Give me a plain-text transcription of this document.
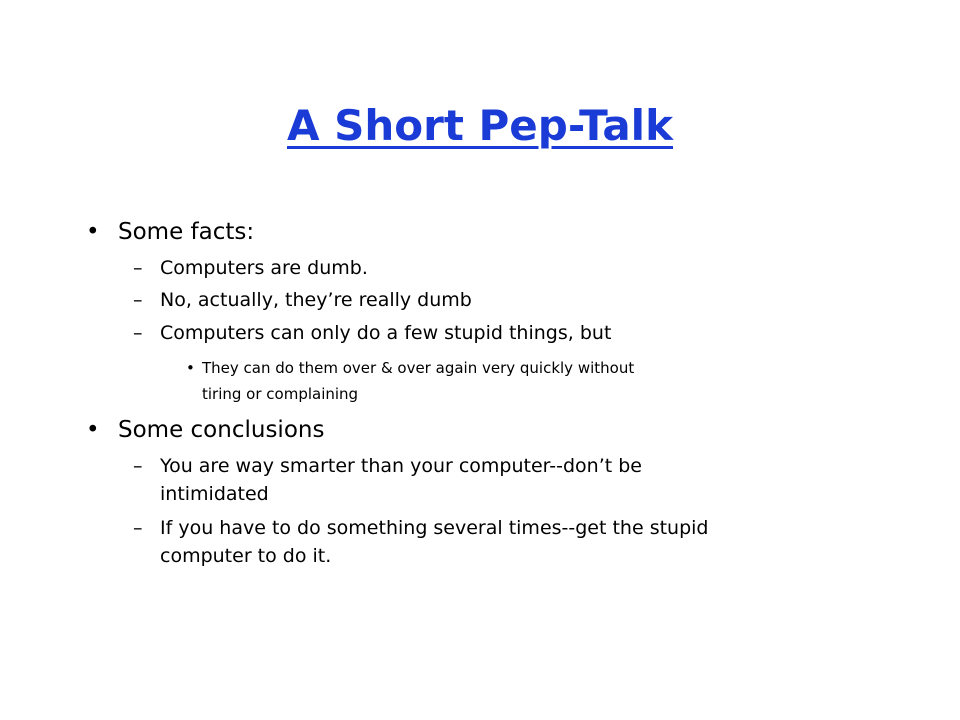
A Short Pep-Talk
• Some facts:
– Computers are dumb.
– No, actually, they’re really dumb
– Computers can only do a few stupid things, but
• They can do them over & over again very quickly without
tiring or complaining
• Some conclusions
– You are way smarter than your computer--don’t be
intimidated
– If you have to do something several times--get the stupid
computer to do it.
